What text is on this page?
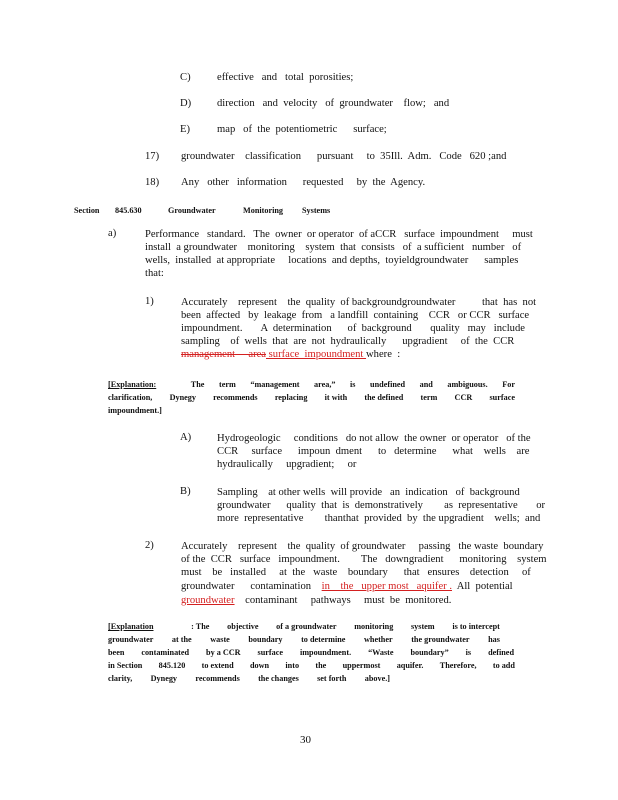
C) effective   and   total  porosities;
D) direction   and  velocity   of  groundwater    flow;   and
E)	map   of  the  potentiometric      surface;
17) groundwater    classification      pursuant     to  35Ill.  Adm.   Code   620 ;and
18) Any   other   information      requested     by  the  Agency.
Section 845.630	Groundwater	Monitoring Systems
a)	Performance   standard.   The  owner  or operator  of aCCR   surface  impoundment     must
install  a groundwater    monitoring    system  that  consists   of  a sufficient   number   of
wells,  installed  at appropriate     locations  and depths,  toyieldgroundwater      samples
that:
1)	Accurately    represent    the  quality  of backgroundgroundwater          that  has  not
been  affected   by  leakage  from   a landfill  containing    CCR   or CCR   surface
impoundment.       A  determination      of  background       quality   may   include
sampling    of  wells  that  are  not  hydraulically      upgradient     of  the  CCR
management     area surface  impoundment where  :
[Explanation:	The term “management area,” is undefined and ambiguous. For
clarification, Dynegy recommends replacing it with the defined term CCR surface
impoundment.]
A) Hydrogeologic     conditions   do not allow  the owner  or operator   of the
CCR     surface      impoun  dment      to   determine      what    wells    are
hydraulically     upgradient;     or
B) Sampling    at other wells  will provide   an  indication   of  background
groundwater      quality  that  is  demonstratively        as  representative       or
more  representative        thanthat  provided  by  the upgradient    wells;  and
2)	Accurately    represent    the  quality  of groundwater     passing   the waste  boundary
of the  CCR   surface   impoundment.        The   downgradient      monitoring    system
must    be   installed     at  the   waste    boundary      that   ensures    detection     of
groundwater      contamination in    the   upper most   aquifer . All  potential
groundwater contaminant     pathways     must  be  monitored.
[Explanation	: The objective of a groundwater monitoring system is to intercept
groundwater at the waste boundary to determine whether the groundwater has
been contaminated by a CCR surface impoundment. “Waste boundary” is defined
in Section 845.120 to extend down into the uppermost aquifer. Therefore, to add
clarity, Dynegy recommends the changes set forth above.]
30
